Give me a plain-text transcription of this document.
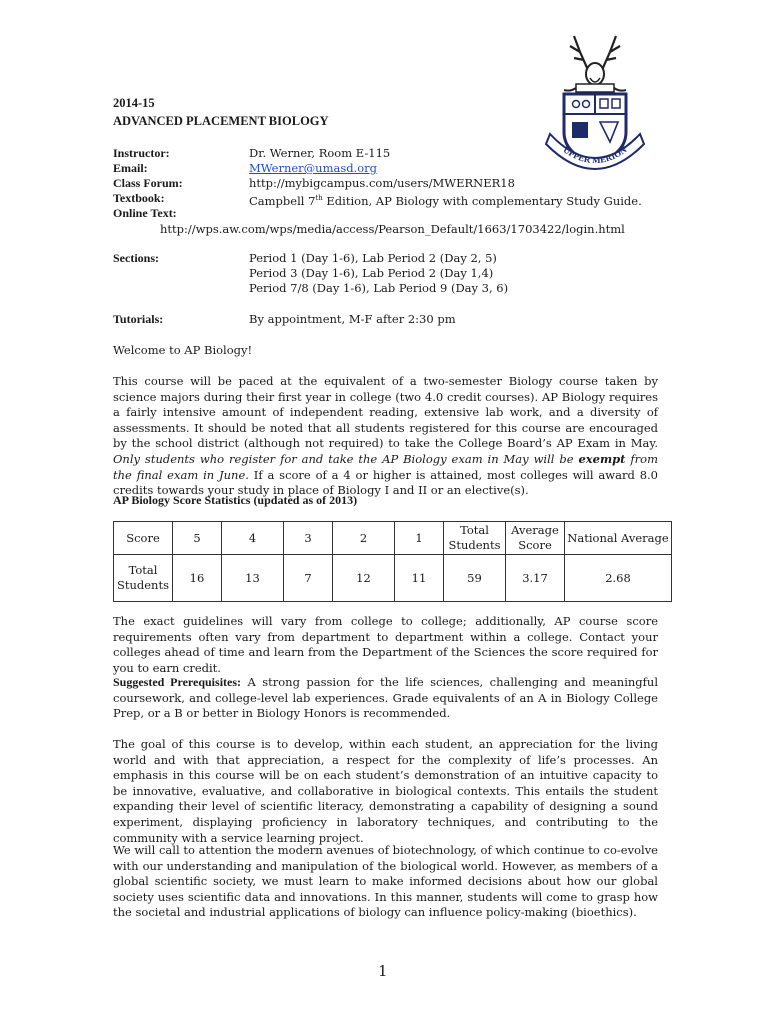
UPPER MERION
2014-15
ADVANCED PLACEMENT BIOLOGY
Instructor:	Dr. Werner, Room E-115
Email:	MWerner@umasd.org
Class Forum:	http://mybigcampus.com/users/MWERNER18
Textbook:	Campbell 7th Edition, AP Biology with complementary Study Guide.
Online Text:
http://wps.aw.com/wps/media/access/Pearson_Default/1663/1703422/login.html
Sections:	Period 1 (Day 1-6), Lab Period 2 (Day 2, 5)
Period 3 (Day 1-6), Lab Period 2 (Day 1,4)
Period 7/8 (Day 1-6), Lab Period 9 (Day 3, 6)
Tutorials:	By appointment, M-F after 2:30 pm
Welcome to AP Biology!

This course will be paced at the equivalent of a two-semester Biology course taken by science majors during their first year in college (two 4.0 credit courses). AP Biology requires a fairly intensive amount of independent reading, extensive lab work, and a diversity of assessments. It should be noted that all students registered for this course are encouraged by the school district (although not required) to take the College Board’s AP Exam in May. Only students who register for and take the AP Biology exam in May will be exempt from the final exam in June. If a score of a 4 or higher is attained, most colleges will award 8.0 credits towards your study in place of Biology I and II or an elective(s).

AP Biology Score Statistics (updated as of 2013)
Score	5	4	3	2	1	Total Students	Average Score	National Average
Total Students	16	13	7	12	11	59	3.17	2.68
The exact guidelines will vary from college to college; additionally, AP course score requirements often vary from department to department within a college. Contact your colleges ahead of time and learn from the Department of the Sciences the score required for you to earn credit.

Suggested Prerequisites: A strong passion for the life sciences, challenging and meaningful coursework, and college-level lab experiences. Grade equivalents of an A in Biology College Prep, or a B or better in Biology Honors is recommended.

The goal of this course is to develop, within each student, an appreciation for the living world and with that appreciation, a respect for the complexity of life’s processes. An emphasis in this course will be on each student’s demonstration of an intuitive capacity to be innovative, evaluative, and collaborative in biological contexts. This entails the student expanding their level of scientific literacy, demonstrating a capability of designing a sound experiment, displaying proficiency in laboratory techniques, and contributing to the community with a service learning project.
We will call to attention the modern avenues of biotechnology, of which continue to co-evolve with our understanding and manipulation of the biological world. However, as members of a global scientific society, we must learn to make informed decisions about how our global society uses scientific data and innovations. In this manner, students will come to grasp how the societal and industrial applications of biology can influence policy-making (bioethics).
1
